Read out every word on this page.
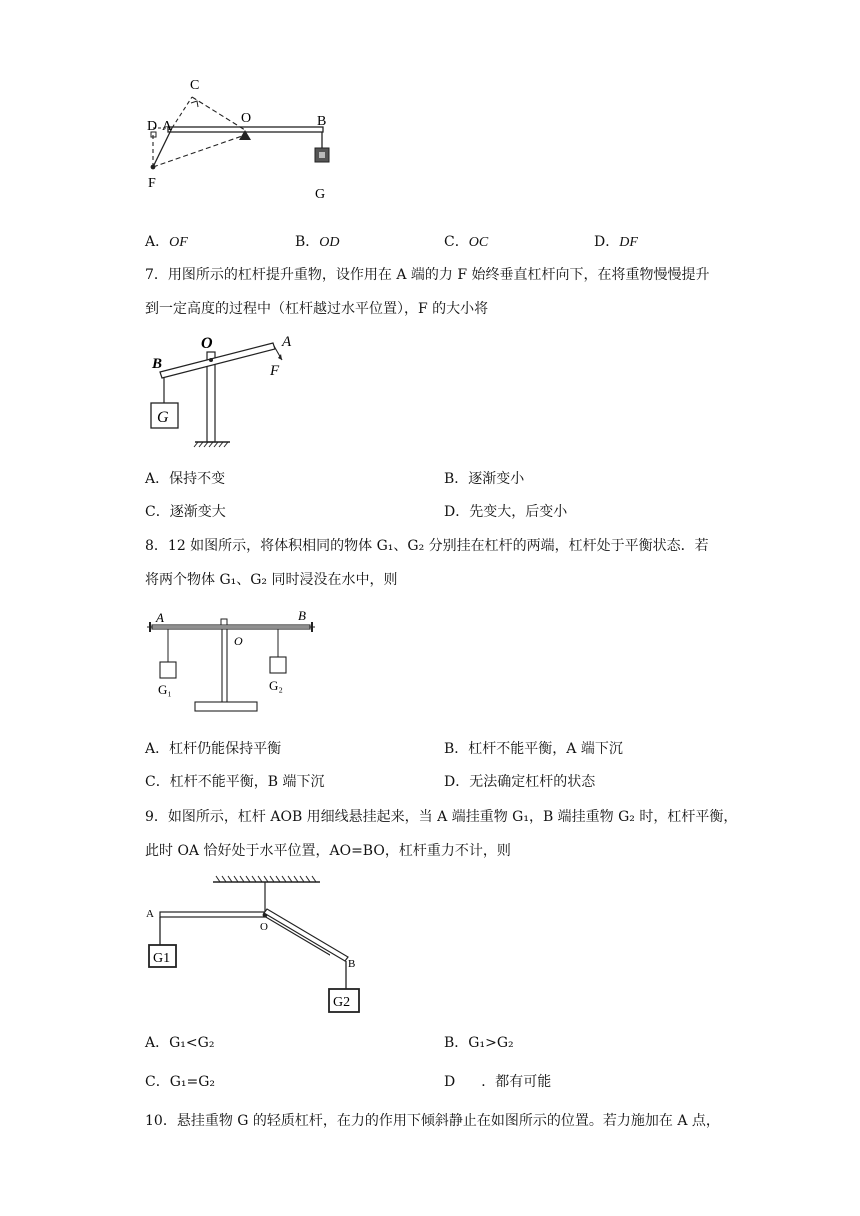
C
D A
O	B
F
G
A．OF	B．OD	C．OC	D．DF
7．用图所示的杠杆提升重物，设作用在 A 端的力 F 始终垂直杠杆向下，在将重物慢慢提升
到一定高度的过程中（杠杆越过水平位置），F 的大小将
O	A
B	F
G
A．保持不变	B．逐渐变小
C．逐渐变大	D．先变大，后变小
8．12 如图所示，将体积相同的物体 G₁、G₂ 分别挂在杠杆的两端，杠杆处于平衡状态．若
将两个物体 G₁、G₂ 同时浸没在水中，则
A	B
O
G₁	G₂
A．杠杆仍能保持平衡	B．杠杆不能平衡，A 端下沉
C．杠杆不能平衡，B 端下沉	D．无法确定杠杆的状态
9．如图所示，杠杆 AOB 用细线悬挂起来，当 A 端挂重物 G₁，B 端挂重物 G₂ 时，杠杆平衡，
此时 OA 恰好处于水平位置，AO=BO，杠杆重力不计，则
A
O
G1	B
G2
A．G₁<G₂	B．G₁>G₂
C．G₁=G₂	D ．都有可能
10．悬挂重物 G 的轻质杠杆，在力的作用下倾斜静止在如图所示的位置。若力施加在 A 点，
